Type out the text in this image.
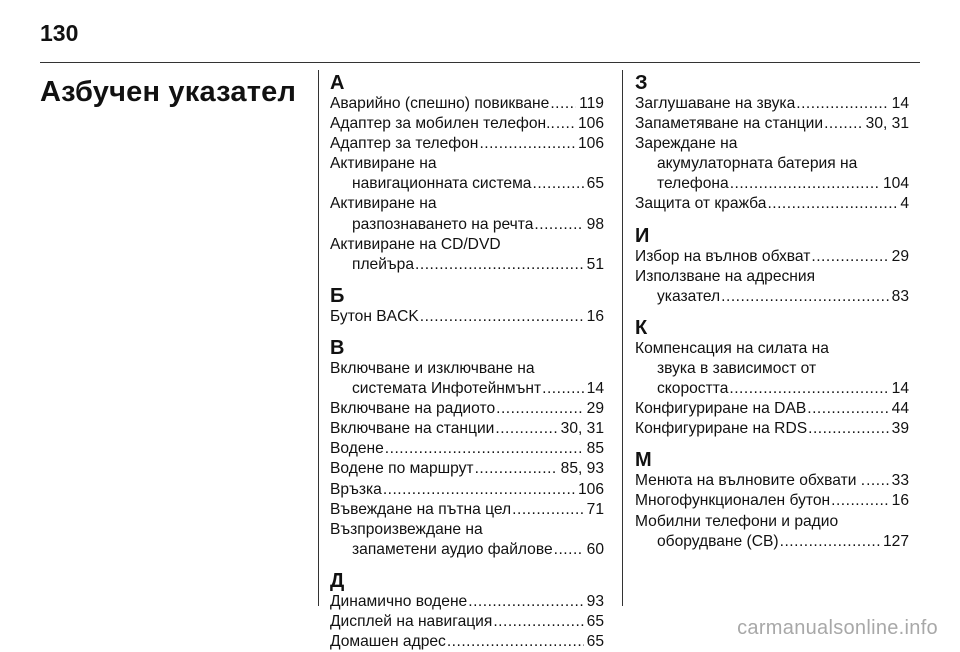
130
Азбучен указател А
Аварийно (спешно) повикване ..... 119
Адаптер за мобилен телефон.. ..... 106
Адаптер за телефон .....	106
Активиране на
навигационната система .....	65
Активиране на
разпознаването на речта .....	98
Активиране на CD/DVD
плейъра .....	51
Б
Бутон BACK .....	16
В
Включване и изключване на
системата Инфотейнмънт .....	14
Включване на радиото .....	29
Включване на станции .....	30, 31
Водене .....	85
Водене по маршрут .....	85, 93
Връзка .....	106
Въвеждане на пътна цел .....	71
Възпроизвеждане на
запаметени аудио файлове ..... 60
Д
Динамично водене .....	93
Дисплей на навигация .....	65
Домашен адрес .....	65
З
Заглушаване на звука .....	14
Запаметяване на станции .....	30, 31
Зареждане на
акумулаторната батерия на
телефона .....	104
Защита от кражба .....	4
И
Избор на вълнов обхват .....	29
Използване на адресния
указател .....	83
К
Компенсация на силата на
звука в зависимост от
скоростта .....	14
Конфигуриране на DAB .....	44
Конфигуриране на RDS .....	39
М
Менюта на вълновите обхвати . ..... 33
Многофункционален бутон .....	16
Мобилни телефони и радио
оборудване (СВ) .....	127
carmanualsonline.info
